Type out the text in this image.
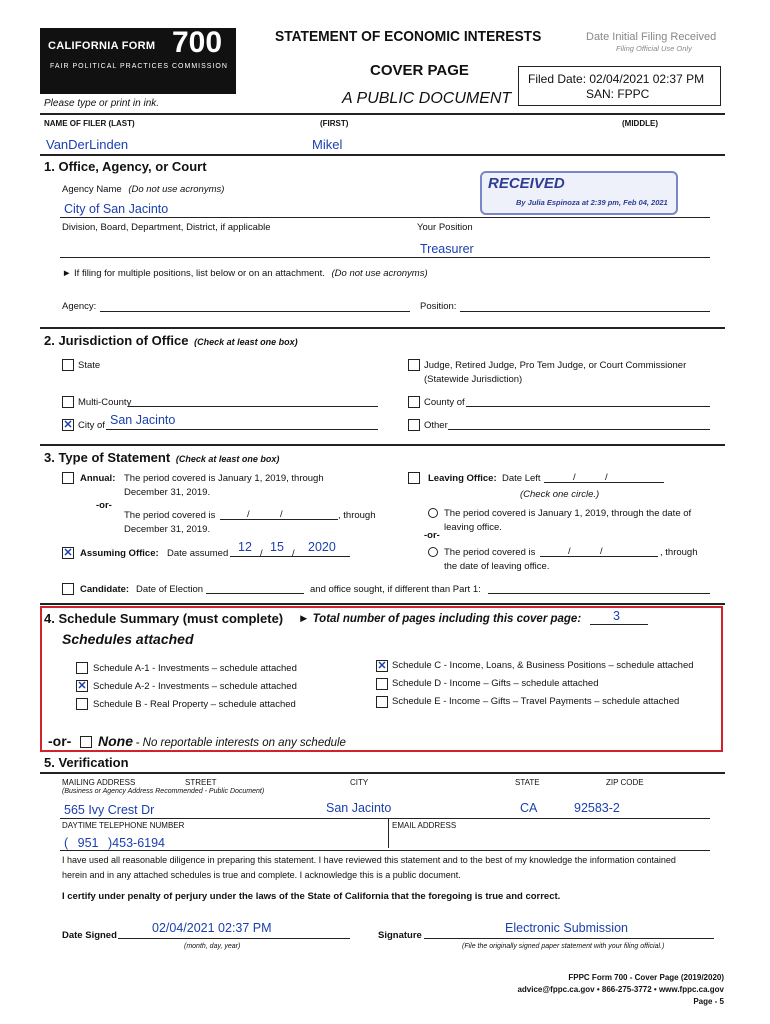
CALIFORNIA FORM 700
FAIR POLITICAL PRACTICES COMMISSION
STATEMENT OF ECONOMIC INTERESTS
COVER PAGE
A PUBLIC DOCUMENT
Date Initial Filing Received
Filing Official Use Only
Filed Date: 02/04/2021 02:37 PM
SAN: FPPC
Please type or print in ink.
NAME OF FILER (LAST)	(FIRST)	(MIDDLE)
VanDerLinden	Mikel
1. Office, Agency, or Court
Agency Name (Do not use acronyms)
City of San Jacinto
Division, Board, Department, District, if applicable	Your Position
Treasurer
► If filing for multiple positions, list below or on an attachment. (Do not use acronyms)
Agency:	Position:
RECEIVED
By Julia Espinoza at 2:39 pm, Feb 04, 2021
2. Jurisdiction of Office (Check at least one box)
State	Judge, Retired Judge, Pro Tem Judge, or Court Commissioner
(Statewide Jurisdiction)
Multi-County	County of
✕ City of San Jacinto	Other
3. Type of Statement (Check at least one box)
Annual: The period covered is January 1, 2019, through
December 31, 2019.
-or-
The period covered is	/	/	, through
December 31, 2019.
✕ Assuming Office: Date assumed 12 / 15 / 2020
Leaving Office: Date Left	/	/
(Check one circle.)
The period covered is January 1, 2019, through the date of
leaving office.
-or-
The period covered is	/	/	, through
the date of leaving office.
Candidate: Date of Election	and office sought, if different than Part 1:
4. Schedule Summary (must complete) ► Total number of pages including this cover page:	3
Schedules attached
Schedule A-1 - Investments – schedule attached
✕ Schedule A-2 - Investments – schedule attached
Schedule B - Real Property – schedule attached
✕ Schedule C - Income, Loans, & Business Positions – schedule attached
Schedule D - Income – Gifts – schedule attached
Schedule E - Income – Gifts – Travel Payments – schedule attached
-or- None - No reportable interests on any schedule
5. Verification
MAILING ADDRESS	STREET	CITY	STATE	ZIP CODE
(Business or Agency Address Recommended - Public Document)
565 Ivy Crest Dr	San Jacinto	CA	92583-2
DAYTIME TELEPHONE NUMBER	EMAIL ADDRESS
( 951 )453-6194
I have used all reasonable diligence in preparing this statement. I have reviewed this statement and to the best of my knowledge the information contained
herein and in any attached schedules is true and complete. I acknowledge this is a public document.
I certify under penalty of perjury under the laws of the State of California that the foregoing is true and correct.
Date Signed
02/04/2021 02:37 PM
(month, day, year)
Signature
Electronic Submission
(File the originally signed paper statement with your filing official.)
FPPC Form 700 - Cover Page (2019/2020)
advice@fppc.ca.gov • 866-275-3772 • www.fppc.ca.gov
Page - 5
